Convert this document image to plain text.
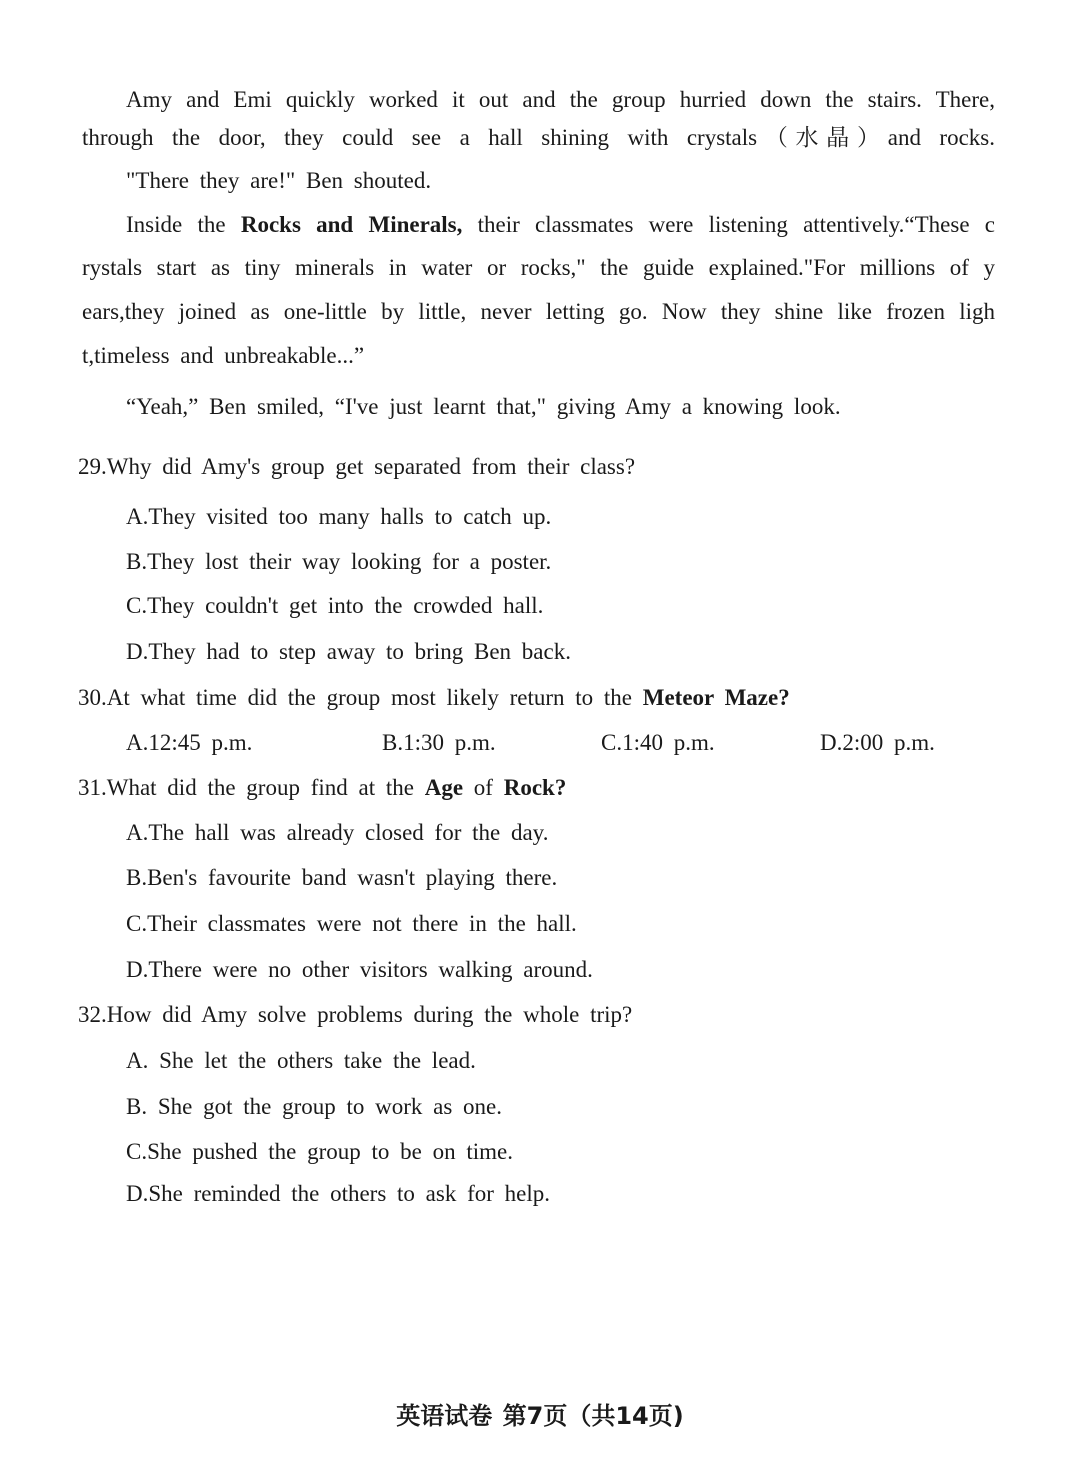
Amy and Emi quickly worked it out and the group hurried down the stairs. There,
through the door, they could see a hall shining with crystals（水晶）and rocks.
"There they are!" Ben shouted.
Inside the Rocks and Minerals, their classmates were listening attentively.“These c
rystals start as tiny minerals in water or rocks," the guide explained."For millions of y
ears,they joined as one-little by little, never letting go. Now they shine like frozen ligh
t,timeless and unbreakable...”
“Yeah,” Ben smiled, “I've just learnt that," giving Amy a knowing look.
29.Why did Amy's group get separated from their class?
A.They visited too many halls to catch up.
B.They lost their way looking for a poster.
C.They couldn't get into the crowded hall.
D.They had to step away to bring Ben back.
30.At what time did the group most likely return to the Meteor Maze?
A.12:45 p.m.	B.1:30 p.m.	C.1:40 p.m.	D.2:00 p.m.
31.What did the group find at the Age of Rock?
A.The hall was already closed for the day.
B.Ben's favourite band wasn't playing there.
C.Their classmates were not there in the hall.
D.There were no other visitors walking around.
32.How did Amy solve problems during the whole trip?
A. She let the others take the lead.
B. She got the group to work as one.
C.She pushed the group to be on time.
D.She reminded the others to ask for help.
英语试卷 第7页（共14页)
